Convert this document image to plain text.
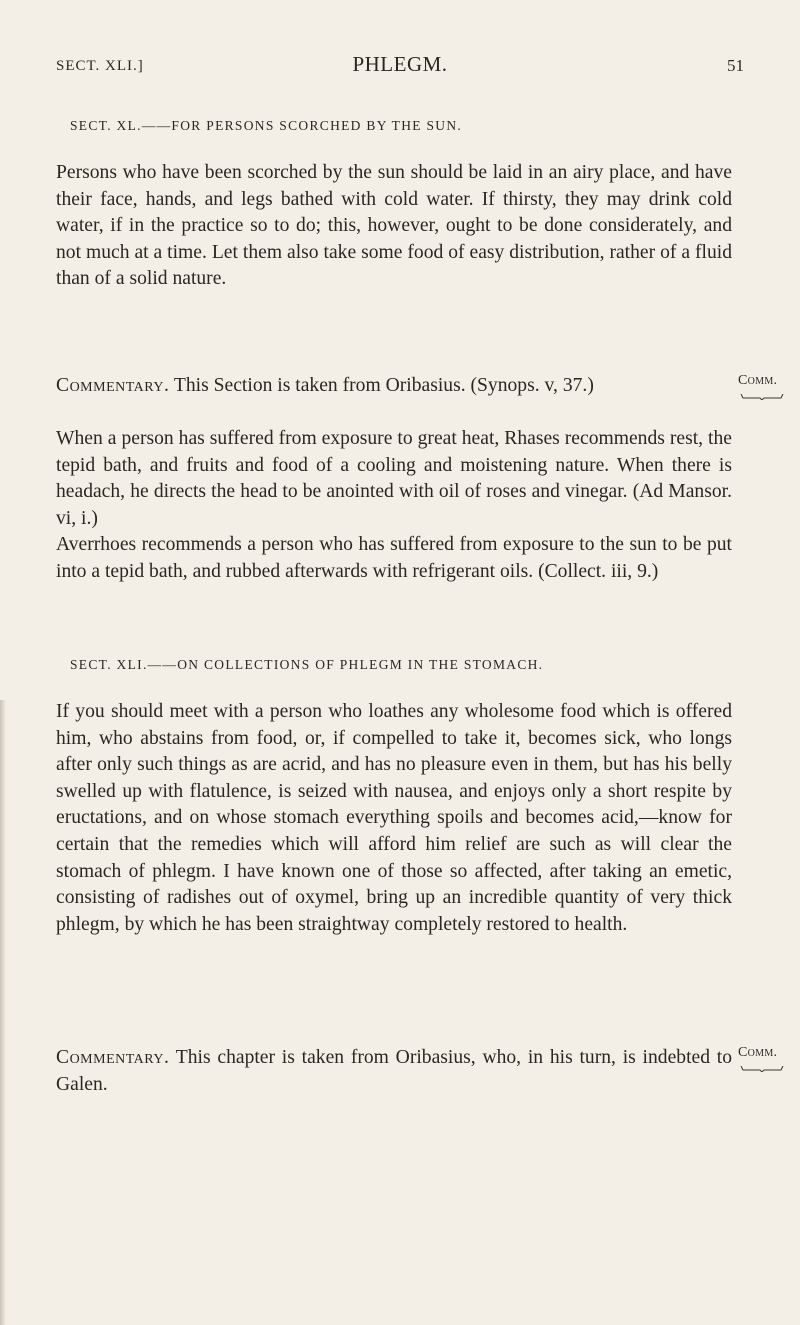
SECT. XLI.]	PHLEGM.	51
SECT. XL.——FOR PERSONS SCORCHED BY THE SUN.

Persons who have been scorched by the sun should be laid in an airy place, and have their face, hands, and legs bathed with cold water. If thirsty, they may drink cold water, if in the practice so to do; this, however, ought to be done considerately, and not much at a time. Let them also take some food of easy distribution, rather of a fluid than of a solid nature.

Commentary. This Section is taken from Oribasius. (Synops. v, 37.)	Comm.

When a person has suffered from exposure to great heat, Rhases recommends rest, the tepid bath, and fruits and food of a cooling and moistening nature. When there is headach, he directs the head to be anointed with oil of roses and vinegar. (Ad Mansor. vi, i.)

Averrhoes recommends a person who has suffered from exposure to the sun to be put into a tepid bath, and rubbed afterwards with refrigerant oils. (Collect. iii, 9.)

SECT. XLI.——ON COLLECTIONS OF PHLEGM IN THE STOMACH.

If you should meet with a person who loathes any wholesome food which is offered him, who abstains from food, or, if compelled to take it, becomes sick, who longs after only such things as are acrid, and has no pleasure even in them, but has his belly swelled up with flatulence, is seized with nausea, and enjoys only a short respite by eructations, and on whose stomach everything spoils and becomes acid,—know for certain that the remedies which will afford him relief are such as will clear the stomach of phlegm. I have known one of those so affected, after taking an emetic, consisting of radishes out of oxymel, bring up an incredible quantity of very thick phlegm, by which he has been straightway completely restored to health.

Commentary. This chapter is taken from Oribasius, who, in his turn, is indebted to Galen.

Comm.
